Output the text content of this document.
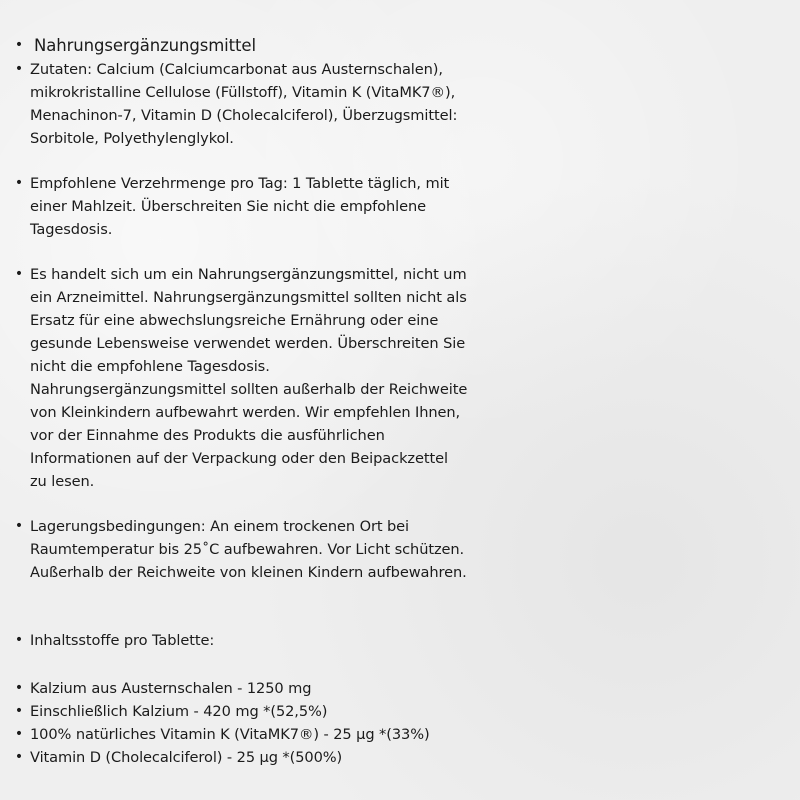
• Nahrungsergänzungsmittel
• Zutaten: Calcium (Calciumcarbonat aus Austernschalen),
mikrokristalline Cellulose (Füllstoff), Vitamin K (VitaMK7®),
Menachinon-7, Vitamin D (Cholecalciferol), Überzugsmittel:
Sorbitole, Polyethylenglykol.
• Empfohlene Verzehrmenge pro Tag: 1 Tablette täglich, mit
einer Mahlzeit. Überschreiten Sie nicht die empfohlene
Tagesdosis.
• Es handelt sich um ein Nahrungsergänzungsmittel, nicht um
ein Arzneimittel. Nahrungsergänzungsmittel sollten nicht als
Ersatz für eine abwechslungsreiche Ernährung oder eine
gesunde Lebensweise verwendet werden. Überschreiten Sie
nicht die empfohlene Tagesdosis.
Nahrungsergänzungsmittel sollten außerhalb der Reichweite
von Kleinkindern aufbewahrt werden. Wir empfehlen Ihnen,
vor der Einnahme des Produkts die ausführlichen
Informationen auf der Verpackung oder den Beipackzettel
zu lesen.
• Lagerungsbedingungen: An einem trockenen Ort bei
Raumtemperatur bis 25˚C aufbewahren. Vor Licht schützen.
Außerhalb der Reichweite von kleinen Kindern aufbewahren.
• Inhaltsstoffe pro Tablette:
• Kalzium aus Austernschalen - 1250 mg
• Einschließlich Kalzium - 420 mg *(52,5%)
• 100% natürliches Vitamin K (VitaMK7®) - 25 µg *(33%)
• Vitamin D (Cholecalciferol) - 25 µg *(500%)
